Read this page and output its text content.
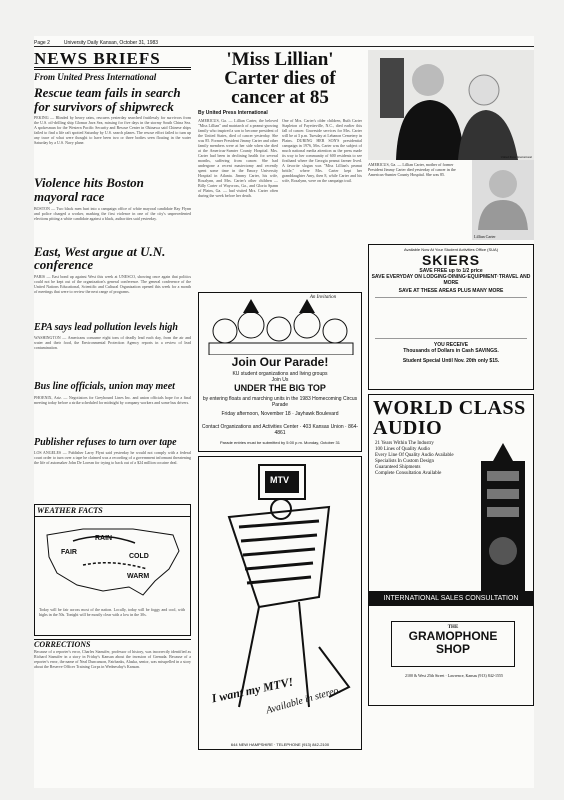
Page 2	University Daily Kansan, October 31, 1983
NEWS BRIEFS
From United Press International
Rescue team fails in search for survivors of shipwreck
PEKING — Blinded by heavy rains, rescuers yesterday searched fruitlessly for survivors from the U.S. oil-drilling ship Glomar Java Sea, missing for five days in the stormy South China Sea. A spokesman for the Western Pacific Security and Rescue Center in Okinawa said Chinese ships failed to find a life raft spotted Saturday by U.S. search planes. The rescue effort failed to turn up any trace of what were thought to have been two or three bodies seen floating in the water Saturday by a U.S. Navy plane.
Violence hits Boston mayoral race
BOSTON — Two black men hurt into a campaign office of white mayoral candidate Ray Flynn and police charged a worker, marking the first violence in one of the city's unprecedented elections pitting a white candidate against a black, authorities said yesterday.
East, West argue at U.N. conference
PARIS — East bond up against West this week at UNESCO, showing once again that politics could not be kept out of the organization's general conference. The general conference of the United Nations Educational, Scientific and Cultural Organization opened this week for a month of meetings that were to review the next range of programs.
EPA says lead pollution levels high
WASHINGTON — Americans consume eight tons of deadly lead each day, from the air and water and their food, the Environmental Protection Agency reports in a review of lead contamination.
Bus line officials, union may meet
PHOENIX, Ariz. — Negotiators for Greyhound Lines Inc. and union officials hope for a final meeting today before a strike scheduled for midnight by company workers and some bus drivers.
Publisher refuses to turn over tape
LOS ANGELES — Publisher Larry Flynt said yesterday he would not comply with a federal court order to turn over a tape he claimed was a recording of a government informant threatening the life of automaker John De Lorean for trying to back out of a $24 million cocaine deal.
WEATHER FACTS
FAIR
RAIN
COLD
WARM
Today will be fair across most of the nation. Locally, today will be foggy and cool, with highs in the 50s. Tonight will be mostly clear with a low in the 30s.
CORRECTIONS
Because of a reporter's error, Charles Stansifer, professor of history, was incorrectly identified as Richard Stansifer in a story in Friday's Kansan about the invasion of Grenada. Because of a reporter's error, the name of Neal Duncanson, Fairbanks, Alaska, senior, was misspelled in a story about the Reserve Officer Training Corps in Wednesday's Kansan.
'Miss Lillian' Carter dies of cancer at 85
By United Press International
AMERICUS, Ga. — Lillian Carter, the beloved "Miss Lillian" and matriarch of a peanut-growing family who inspired a son to become president of the United States, died of cancer yesterday. She was 85. Former President Jimmy Carter and other family members were at her side when she died at the Americus-Sumter County Hospital. Mrs. Carter had been in declining health for several months, suffering from cancer. She had undergone a recent mastectomy and recently spent some time in the Emory University Hospital in Atlanta. Jimmy Carter, his wife, Rosalynn, and Mrs. Carter's other children — Billy Carter of Waycross, Ga., and Gloria Spann of Plains, Ga. — had visited Mrs. Carter often during the week before her death.
One of Mrs. Carter's older children, Ruth Carter Stapleton of Fayetteville, N.C., died earlier this fall of cancer. Graveside services for Mrs. Carter will be at 3 p.m. Tuesday at Lebanon Cemetery in Plains. DURING HER SON'S presidential campaign in 1976, Mrs. Carter was the subject of much national media attention as the press made its way to her community of 600 residents to see firsthand where the Georgia peanut farmer lived. A favorite slogan was "Miss Lillian's peanut brittle," where Mrs. Carter kept her granddaughter Amy, then 8, while Carter and his wife, Rosalynn, were on the campaign trail.
An Invitation
Join Our Parade!
KU student organizations and living groups
Join Us
UNDER THE BIG TOP
by entering floats and marching units in the 1983 Homecoming Circus Parade
Friday afternoon, November 18 · Jayhawk Boulevard
Contact Organizations and Activities Center · 403 Kansas Union · 864-4861
Parade entries must be submitted by 5:00 p.m. Monday, October 31
MTV
I want my MTV!
Available in stereo.
644 NEW HAMPSHIRE · TELEPHONE (913) 842-2100
United Press International
AMERICUS, Ga. — Lillian Carter, mother of former President Jimmy Carter died yesterday of cancer in the Americus-Sumter County Hospital. She was 85.
Lillian Carter
Available Now At Your Student Activities Office (SUA)
SKIERS
SAVE FREE up to 1/2 price
SAVE EVERYDAY ON LODGING·DINING·EQUIPMENT·TRAVEL AND MORE
SAVE AT THESE AREAS PLUS MANY MORE
YOU RECEIVE
Thousands of Dollars in Cash SAVINGS.
Student Special Until Nov. 20th only $15.
WORLD CLASS AUDIO
21 Years Within The Industry
100 Lines of Quality Audio
Every Line Of Quality Audio Available
Specialists In Custom Design
Guaranteed Shipments
Complete Consultation Available
INTERNATIONAL SALES CONSULTATION
THE
GRAMOPHONE SHOP
2100 & West 25th Street · Lawrence, Kansas (913) 842-1555
